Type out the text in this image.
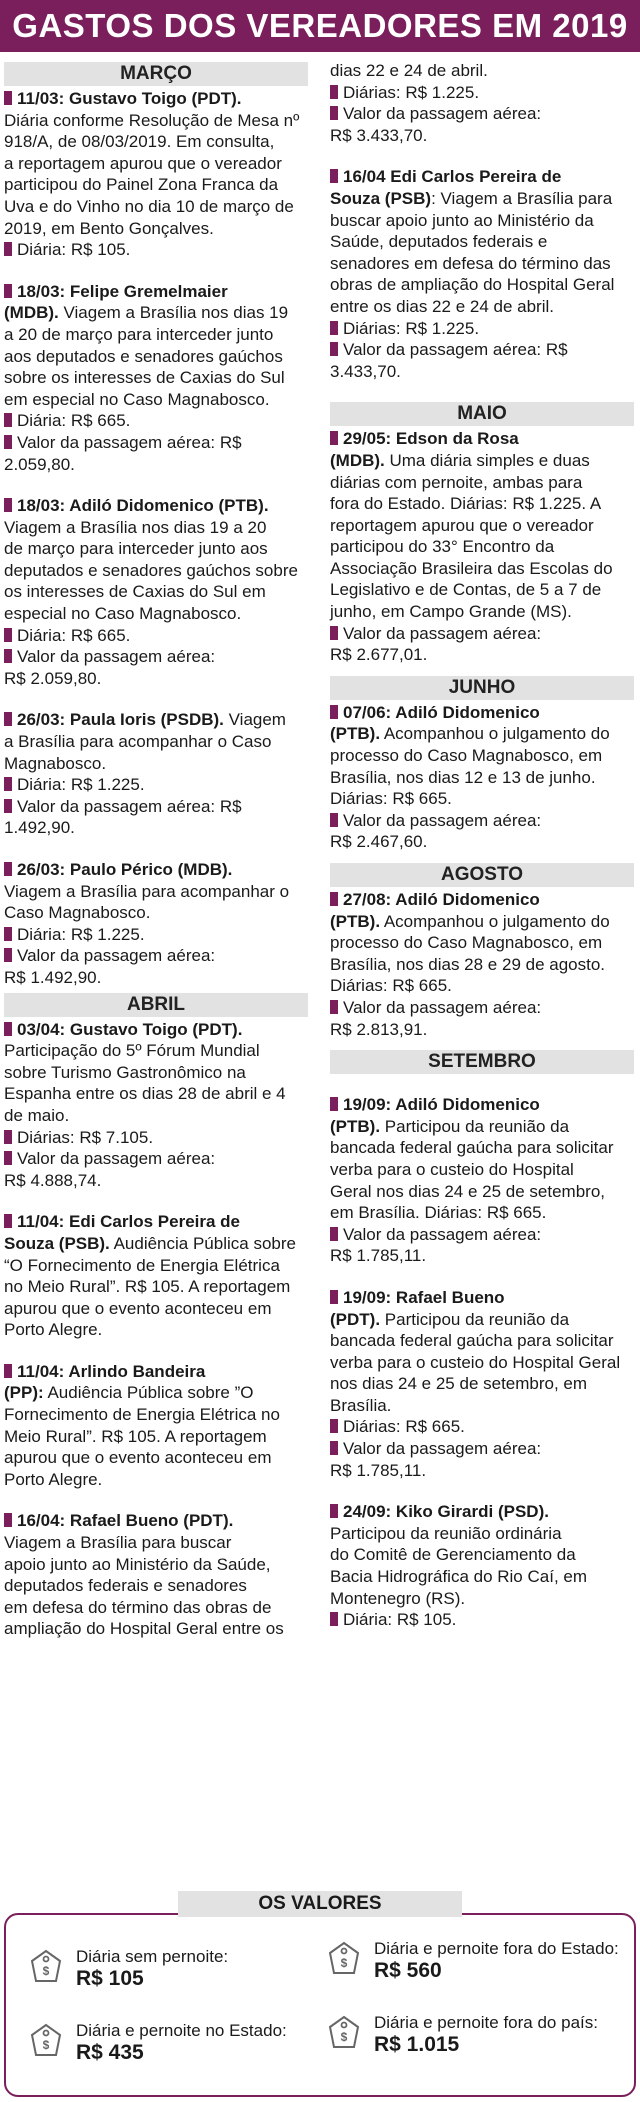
GASTOS DOS VEREADORES EM 2019
MARÇO
11/03: Gustavo Toigo (PDT).
Diária conforme Resolução de Mesa nº
918/A, de 08/03/2019. Em consulta,
a reportagem apurou que o vereador
participou do Painel Zona Franca da
Uva e do Vinho no dia 10 de março de
2019, em Bento Gonçalves.
Diária: R$ 105.
18/03: Felipe Gremelmaier
(MDB). Viagem a Brasília nos dias 19
a 20 de março para interceder junto
aos deputados e senadores gaúchos
sobre os interesses de Caxias do Sul
em especial no Caso Magnabosco.
Diária: R$ 665.
Valor da passagem aérea: R$
2.059,80.
18/03: Adiló Didomenico (PTB).
Viagem a Brasília nos dias 19 a 20
de março para interceder junto aos
deputados e senadores gaúchos sobre
os interesses de Caxias do Sul em
especial no Caso Magnabosco.
Diária: R$ 665.
Valor da passagem aérea:
R$ 2.059,80.
26/03: Paula Ioris (PSDB). Viagem
a Brasília para acompanhar o Caso
Magnabosco.
Diária: R$ 1.225.
Valor da passagem aérea: R$
1.492,90.
26/03: Paulo Périco (MDB).
Viagem a Brasília para acompanhar o
Caso Magnabosco.
Diária: R$ 1.225.
Valor da passagem aérea:
R$ 1.492,90.
ABRIL
03/04: Gustavo Toigo (PDT).
Participação do 5º Fórum Mundial
sobre Turismo Gastronômico na
Espanha entre os dias 28 de abril e 4
de maio.
Diárias: R$ 7.105.
Valor da passagem aérea:
R$ 4.888,74.
11/04: Edi Carlos Pereira de
Souza (PSB). Audiência Pública sobre
“O Fornecimento de Energia Elétrica
no Meio Rural”. R$ 105. A reportagem
apurou que o evento aconteceu em
Porto Alegre.
11/04: Arlindo Bandeira
(PP): Audiência Pública sobre ”O
Fornecimento de Energia Elétrica no
Meio Rural”. R$ 105. A reportagem
apurou que o evento aconteceu em
Porto Alegre.
16/04: Rafael Bueno (PDT).
Viagem a Brasília para buscar
apoio junto ao Ministério da Saúde,
deputados federais e senadores
em defesa do término das obras de
ampliação do Hospital Geral entre os
dias 22 e 24 de abril.
Diárias: R$ 1.225.
Valor da passagem aérea:
R$ 3.433,70.
16/04 Edi Carlos Pereira de
Souza (PSB): Viagem a Brasília para
buscar apoio junto ao Ministério da
Saúde, deputados federais e
senadores em defesa do término das
obras de ampliação do Hospital Geral
entre os dias 22 e 24 de abril.
Diárias: R$ 1.225.
Valor da passagem aérea: R$
3.433,70.
MAIO
29/05: Edson da Rosa
(MDB). Uma diária simples e duas
diárias com pernoite, ambas para
fora do Estado. Diárias: R$ 1.225. A
reportagem apurou que o vereador
participou do 33° Encontro da
Associação Brasileira das Escolas do
Legislativo e de Contas, de 5 a 7 de
junho, em Campo Grande (MS).
Valor da passagem aérea:
R$ 2.677,01.
JUNHO
07/06: Adiló Didomenico
(PTB). Acompanhou o julgamento do
processo do Caso Magnabosco, em
Brasília, nos dias 12 e 13 de junho.
Diárias: R$ 665.
Valor da passagem aérea:
R$ 2.467,60.
AGOSTO
27/08: Adiló Didomenico
(PTB). Acompanhou o julgamento do
processo do Caso Magnabosco, em
Brasília, nos dias 28 e 29 de agosto.
Diárias: R$ 665.
Valor da passagem aérea:
R$ 2.813,91.
SETEMBRO
19/09: Adiló Didomenico
(PTB). Participou da reunião da
bancada federal gaúcha para solicitar
verba para o custeio do Hospital
Geral nos dias 24 e 25 de setembro,
em Brasília. Diárias: R$ 665.
Valor da passagem aérea:
R$ 1.785,11.
19/09: Rafael Bueno
(PDT). Participou da reunião da
bancada federal gaúcha para solicitar
verba para o custeio do Hospital Geral
nos dias 24 e 25 de setembro, em
Brasília.
Diárias: R$ 665.
Valor da passagem aérea:
R$ 1.785,11.
24/09: Kiko Girardi (PSD).
Participou da reunião ordinária
do Comitê de Gerenciamento da
Bacia Hidrográfica do Rio Caí, em
Montenegro (RS).
Diária: R$ 105.
OS VALORES
$
Diária sem pernoite:
R$ 105
$
Diária e pernoite no Estado:
R$ 435
$
Diária e pernoite fora do Estado:
R$ 560
$
Diária e pernoite fora do país:
R$ 1.015
